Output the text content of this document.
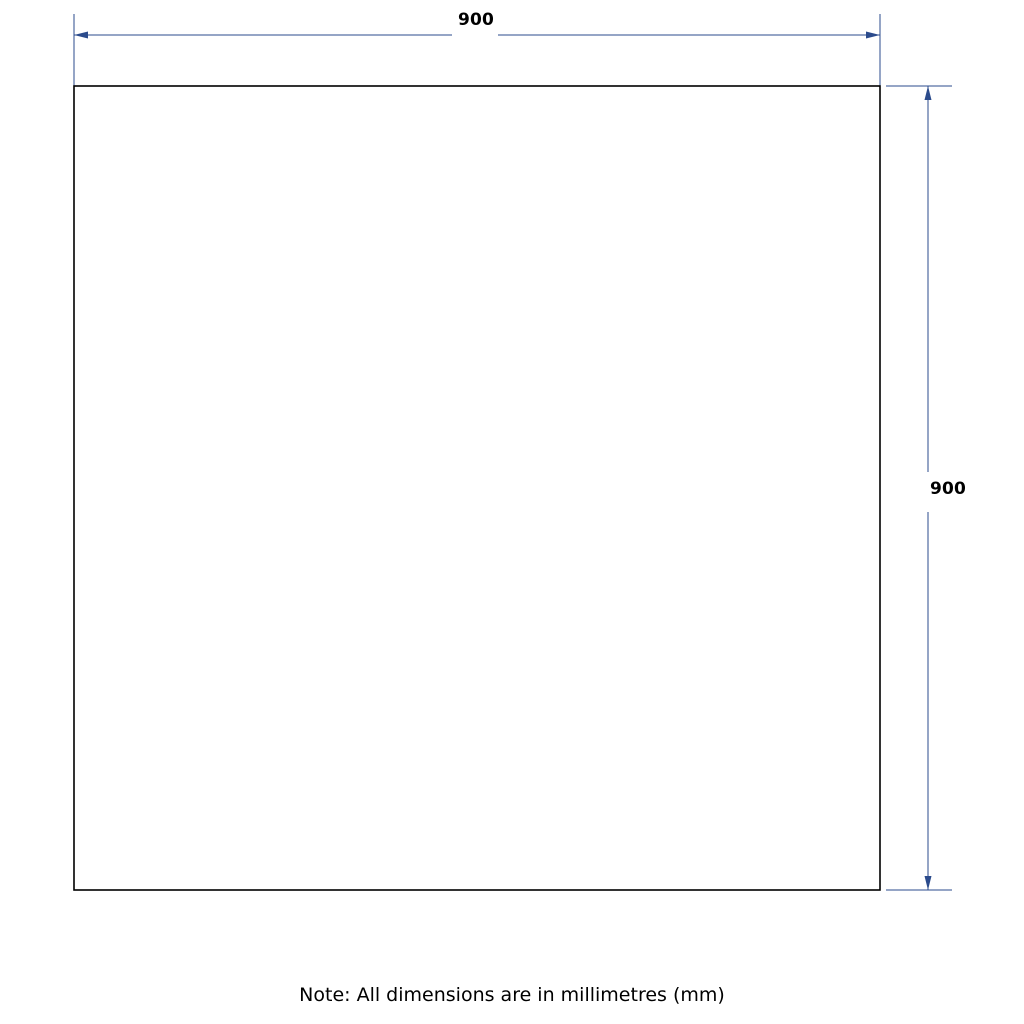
900
900
Note: All dimensions are in millimetres (mm)
